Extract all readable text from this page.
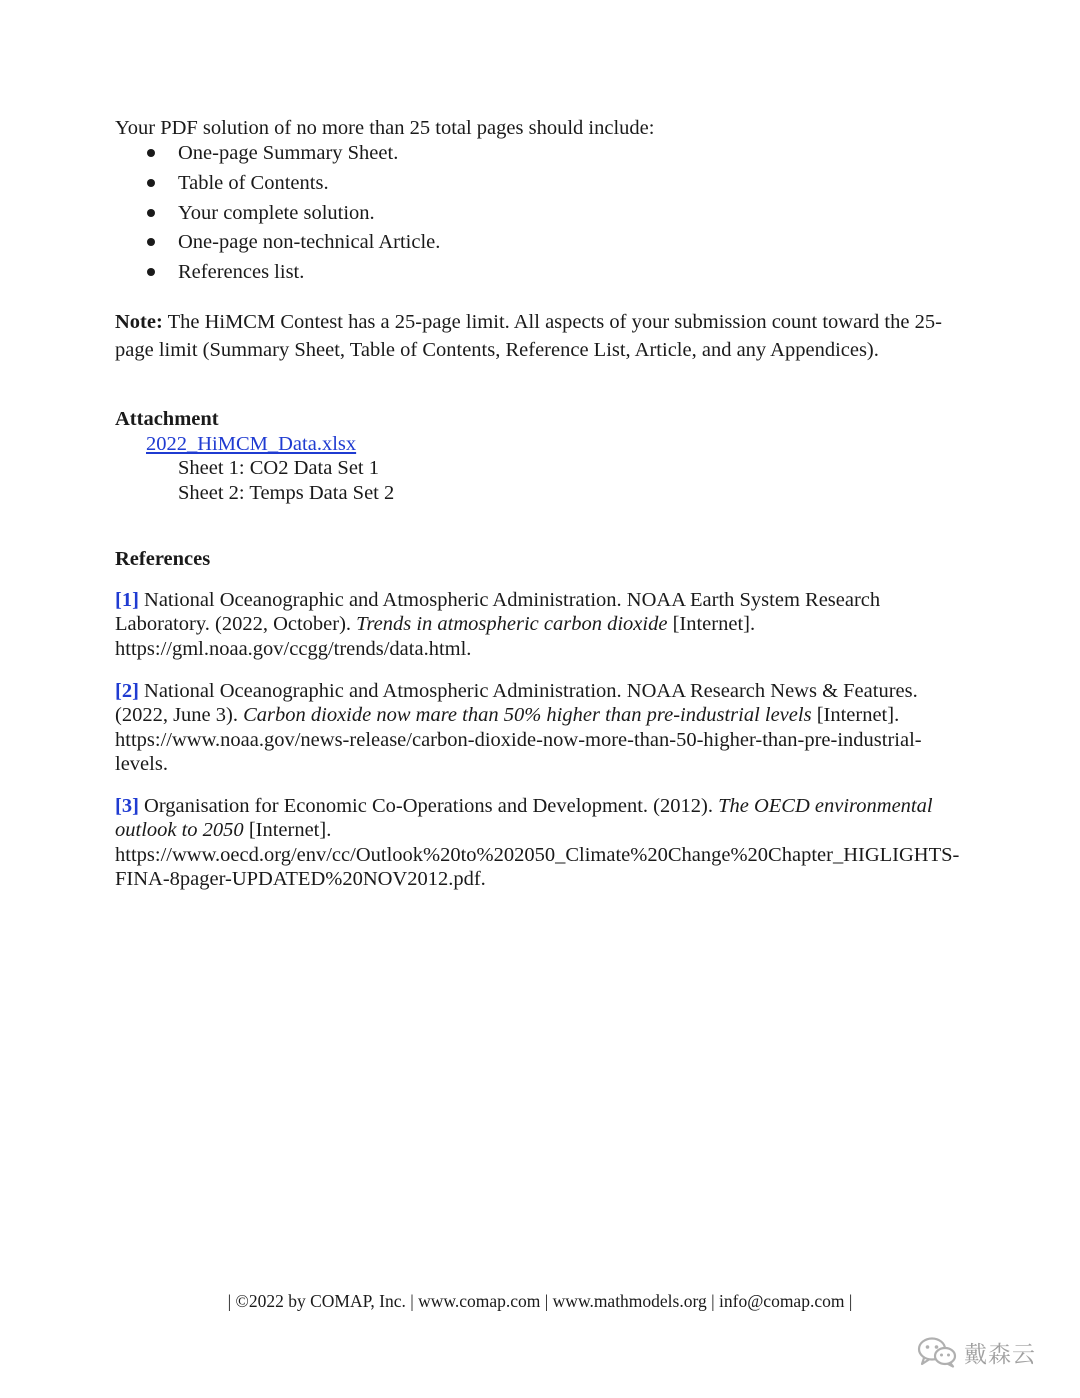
Your PDF solution of no more than 25 total pages should include:
One-page Summary Sheet.
Table of Contents.
Your complete solution.
One-page non-technical Article.
References list.
Note: The HiMCM Contest has a 25-page limit. All aspects of your submission count toward the 25-page limit (Summary Sheet, Table of Contents, Reference List, Article, and any Appendices).
Attachment
2022_HiMCM_Data.xlsx
Sheet 1: CO2 Data Set 1
Sheet 2: Temps Data Set 2
References
[1] National Oceanographic and Atmospheric Administration. NOAA Earth System Research Laboratory. (2022, October). Trends in atmospheric carbon dioxide [Internet]. https://gml.noaa.gov/ccgg/trends/data.html.
[2] National Oceanographic and Atmospheric Administration. NOAA Research News & Features. (2022, June 3). Carbon dioxide now mare than 50% higher than pre-industrial levels [Internet]. https://www.noaa.gov/news-release/carbon-dioxide-now-more-than-50-higher-than-pre-industrial-levels.
[3] Organisation for Economic Co-Operations and Development. (2012). The OECD environmental outlook to 2050 [Internet]. https://www.oecd.org/env/cc/Outlook%20to%202050_Climate%20Change%20Chapter_HIGLIGHTS-FINA-8pager-UPDATED%20NOV2012.pdf.
| ©2022 by COMAP, Inc. | www.comap.com | www.mathmodels.org | info@comap.com |
戴森云
